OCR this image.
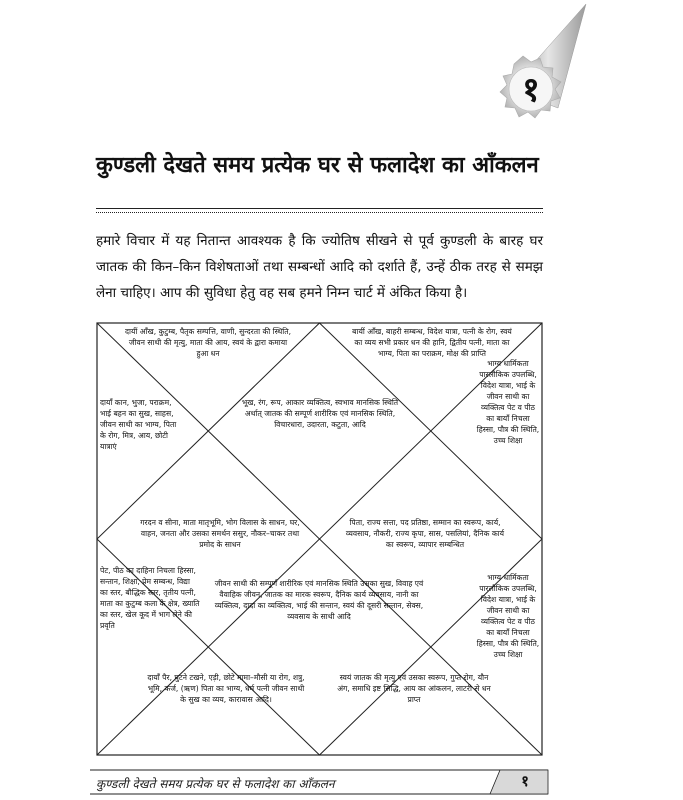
१
कुण्डली देखते समय प्रत्येक घर से फलादेश का आँकलन

हमारे विचार में यह नितान्त आवश्यक है कि ज्योतिष सीखने से पूर्व कुण्डली के बारह घर जातक की किन–किन विशेषताओं तथा सम्बन्धों आदि को दर्शाते हैं, उन्हें ठीक तरह से समझ लेना चाहिए। आप की सुविधा हेतु वह सब हमने निम्न चार्ट में अंकित किया है।

दायीं आँख, कुटुम्ब, पैतृक सम्पत्ति, वाणी, सुन्दरता की स्थिति, जीवन साथी की मृत्यु, माता की आय, स्वयं के द्वारा कमाया हुआ धन

बायीं आँख, बाहरी सम्बन्ध, विदेश यात्रा, पत्नी के रोग, स्वयं का व्यय सभी प्रकार धन की हानि, द्वितीय पत्नी, माता का भाग्य, पिता का पराक्रम, मोक्ष की प्राप्ति

भूख, रंग, रूप, आकार व्यक्तित्व, स्वभाव मानसिक स्थिति अर्थात् जातक की सम्पूर्ण शारीरिक एवं मानसिक स्थिति, विचारधारा, उदारता, कटुता, आदि

दायाँ कान, भुजा, पराक्रम, भाई बहन का सुख, साहस, जीवन साथी का भाग्य, पिता के रोग, मित्र, आय, छोटी यात्राएं

भाग्य धार्मिकता पारलौकिक उपलब्धि, विदेश यात्रा, भाई के जीवन साथी का व्यक्तित्व पेट व पीठ का बायाँ निचला हिस्सा, पौत्र की स्थिति, उच्च शिक्षा

गरदन व सीना, माता मातृभूमि, भोग विलास के साधन, घर, वाहन, जनता और उसका समर्थन ससुर, नौकर–चाकर तथा प्रमोद के साधन

पिता, राज्य सत्ता, पद प्रतिष्ठा, सम्मान का स्वरूप, कार्य, व्यवसाय, नौकरी, राज्य कृपा, सास, पसलियां, दैनिक कार्य का स्वरूप, व्यापार सम्बन्धित

पेट, पीठ का दाहिना निचला हिस्सा, सन्तान, शिक्षा, प्रेम सम्बन्ध, विद्या का स्तर, बौद्धिक स्तर, तृतीय पत्नी, माता का कुटुम्ब कला के क्षेत्र, ख्याति का स्तर, खेल कूद में भाग लेने की प्रवृति

जीवन साथी की सम्पूर्ण शारीरिक एवं मानसिक स्थिति उसका सुख, विवाह एवं वैवाहिक जीवन, जातक का मारक स्वरूप, दैनिक कार्य व्यवसाय, नानी का व्यक्तित्व, दादा का व्यक्तित्व, भाई की सन्तान, स्वयं की दूसरी सन्तान, सेक्स, व्यवसाय के साथी आदि

भाग्य धार्मिकता पारलौकिक उपलब्धि, विदेश यात्रा, भाई के जीवन साथी का व्यक्तित्व पेट व पीठ का बायाँ निचला हिस्सा, पौत्र की स्थिति, उच्च शिक्षा

दायाँ पैर, घुटने टखने, एड़ी, छोटे मामा–मौसी या रोग, शत्रु, भूमि, कर्ज, (ऋण) पिता का भाग्य, धर्म पत्नी जीवन साथी के सुख का व्यय, कारावास आदि।

स्वयं जातक की मृत्यु एवं उसका स्वरूप, गुप्त रोग, यौन अंग, समाधि इष्ट सिद्धि, आय का आंकलन, लाटरी से धन प्राप्त

कुण्डली देखते समय प्रत्येक घर से फलादेश का आँकलन	१
